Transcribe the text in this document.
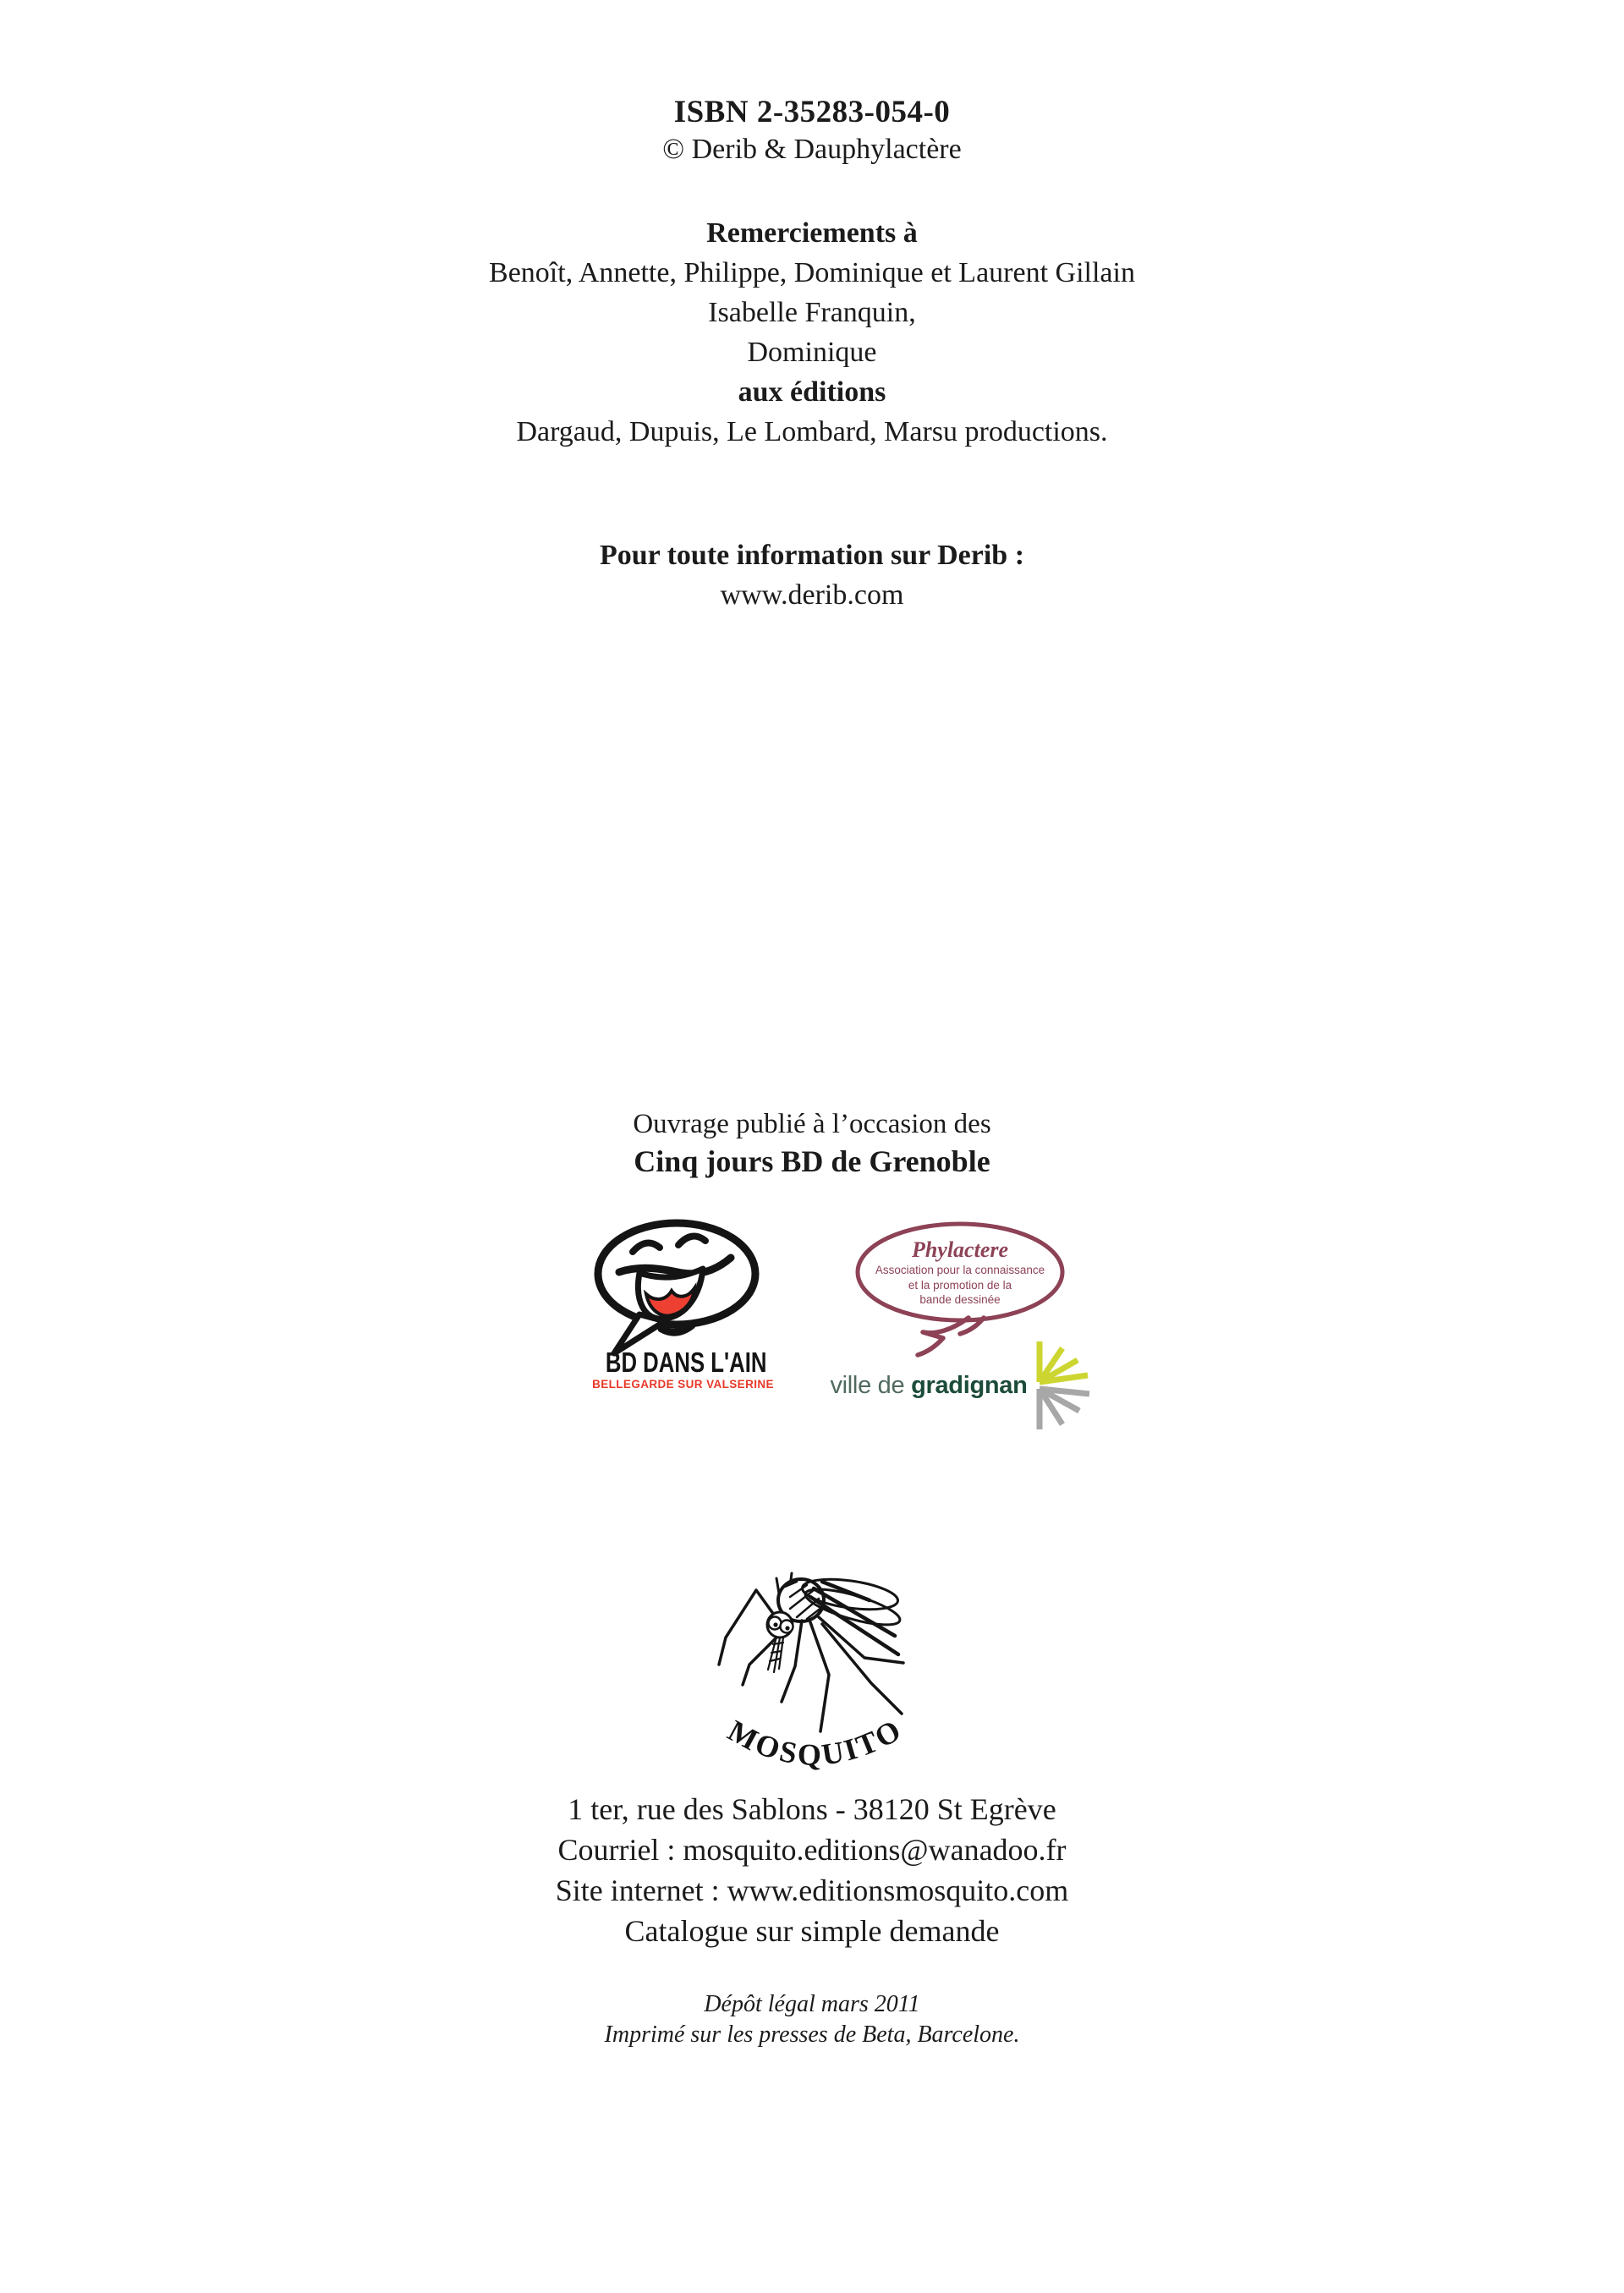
ISBN 2-35283-054-0
© Derib & Dauphylactère
Remerciements à
Benoît, Annette, Philippe, Dominique et Laurent Gillain
Isabelle Franquin,
Dominique
aux éditions
Dargaud, Dupuis, Le Lombard, Marsu productions.
Pour toute information sur Derib :
www.derib.com
Ouvrage publié à l’occasion des
Cinq jours BD de Grenoble
BD DANS L'AIN
BELLEGARDE SUR VALSERINE
Phylactere
Association pour la connaissance
et la promotion de la
bande dessinée
ville de gradignan
MOSQUITO
1 ter, rue des Sablons - 38120 St Egrève
Courriel : mosquito.editions@wanadoo.fr
Site internet : www.editionsmosquito.com
Catalogue sur simple demande
Dépôt légal mars 2011
Imprimé sur les presses de Beta, Barcelone.
